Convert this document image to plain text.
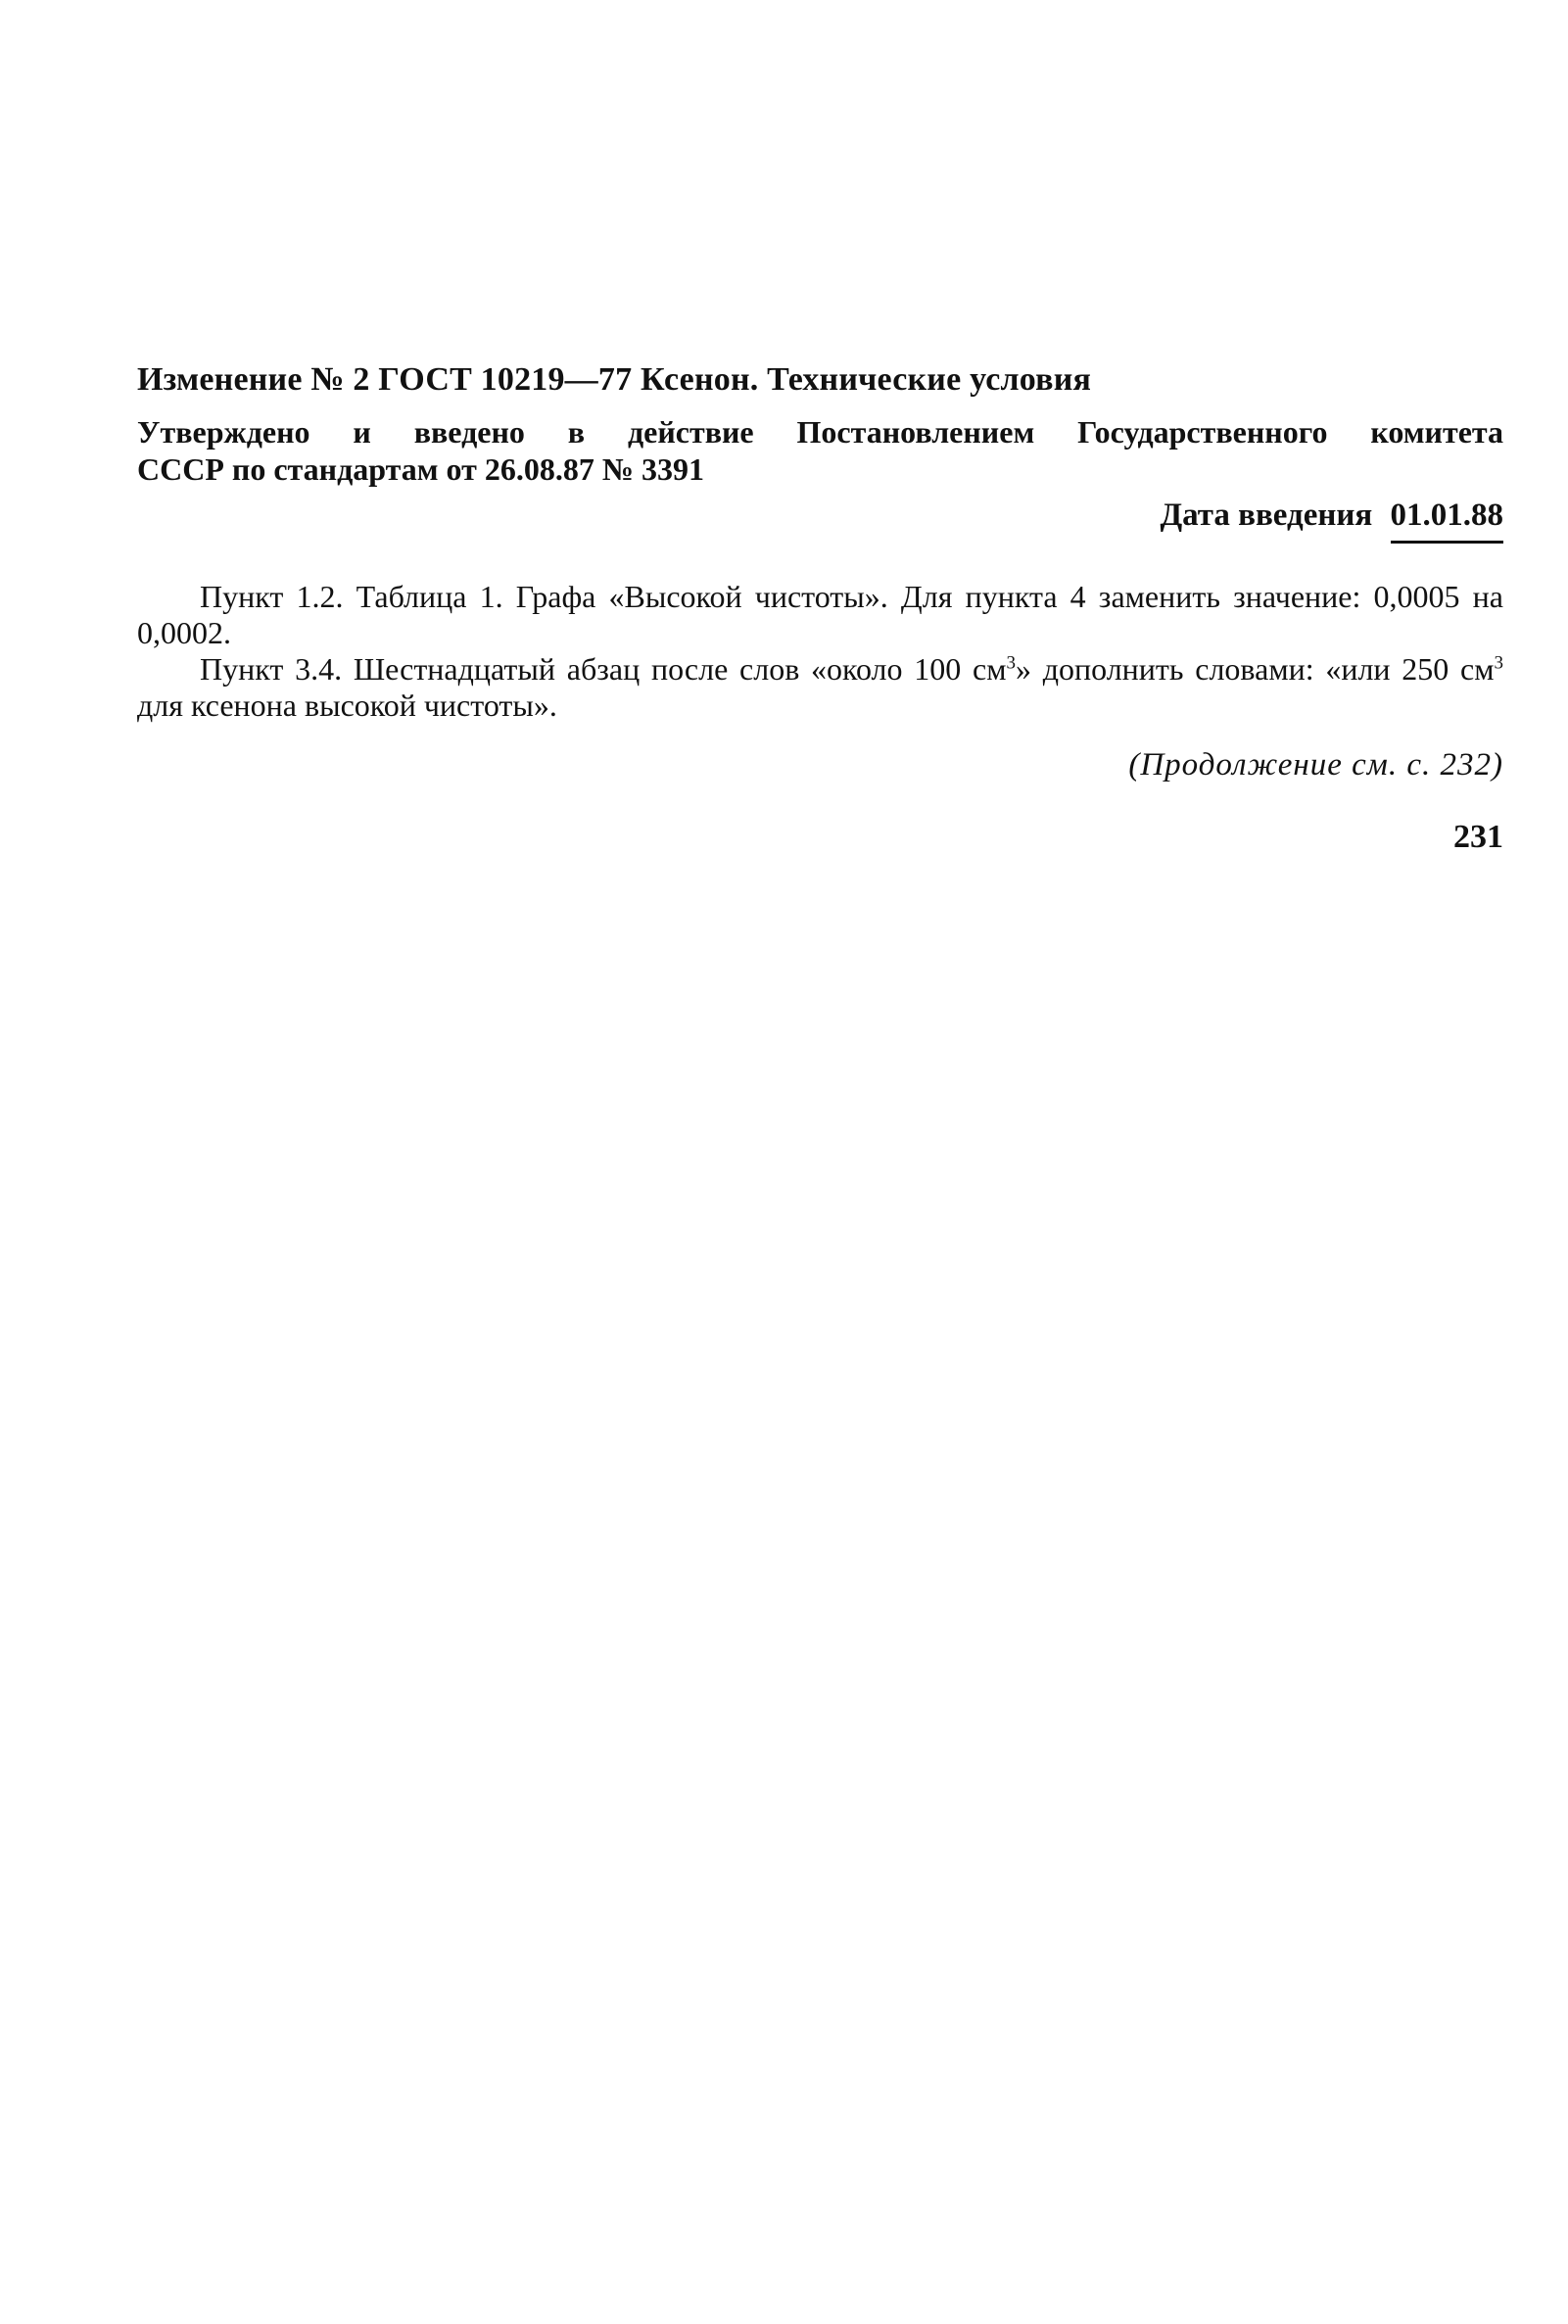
Изменение № 2 ГОСТ 10219—77 Ксенон. Технические условия
Утверждено и введено в действие Постановлением Государственного комитета
СССР по стандартам от 26.08.87 № 3391
Дата введения 01.01.88

Пункт 1.2. Таблица 1. Графа «Высокой чистоты». Для пункта 4 заменить значение: 0,0005 на 0,0002.

Пункт 3.4. Шестнадцатый абзац после слов «около 100 $см^3$» дополнить словами: «или 250 $см^3$ для ксенона высокой чистоты».

(Продолжение см. с. 232)
231
